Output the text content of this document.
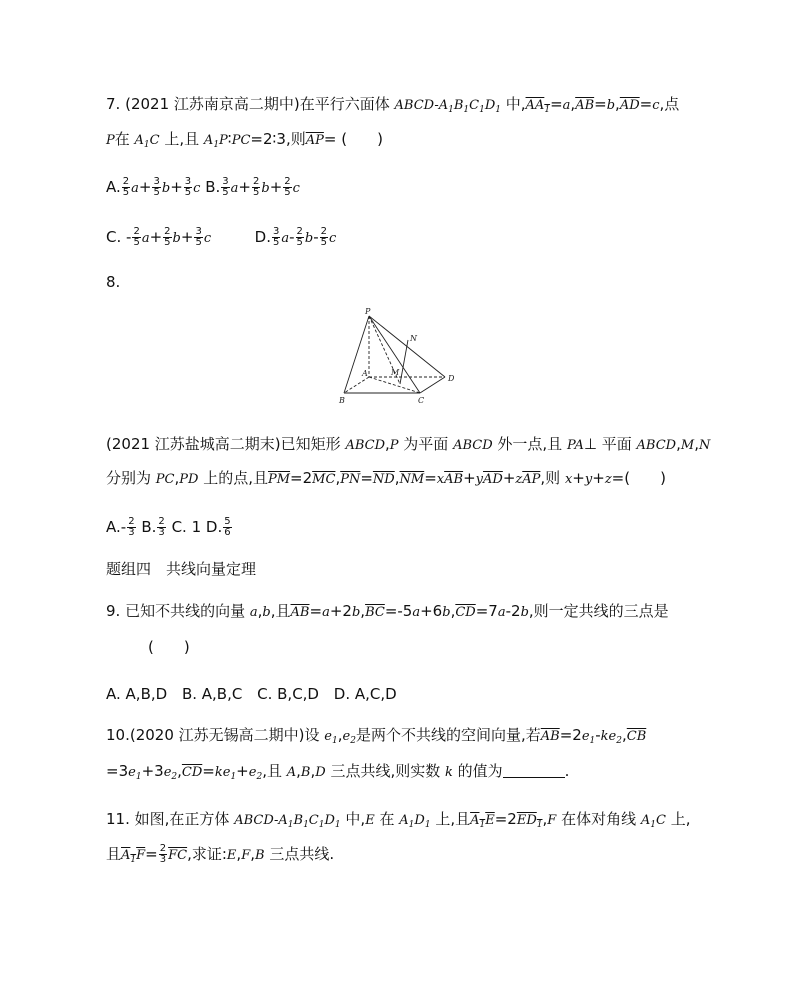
7. (2021 江苏南京高二期中)在平行六面体 ABCD-$A_1B_1C_1D_1$ 中$,AA_1=a,\overline{AB}=b,\overline{AD}=c$,点
P在 $A_1C$ 上,且 $A_1P∶PC=2∶3$,则$\overline{AP}=$ (　　)
A. $\frac{2}{5} a+ \frac{3}{5} b+ \frac{3}{5}$ c B. $\frac{3}{5} a+ \frac{2}{5} b+ \frac{2}{5}$ c
C. - $\frac{2}{5} a+ \frac{2}{5} b+ \frac{3}{5}$ c	D. $\frac{3}{5} a- \frac{2}{5} b- \frac{2}{5}$ c
8.
P
N
A	M
D
B	C
(2021 江苏盐城高二期末)已知矩形 ABCD,P 为平面 ABCD 外一点,且 PA⊥ 平面 ABCD,M,N
分别为 PC,PD 上的点,且$\overline{PM}=2\overline{MC},\overline{PN}=\overline{ND},\overline{NM}=x\overline{AB}+y\overline{AD}+z\overline{AP}$,则 x+y+z=(　　)
$A.- \frac{2}{3} B$. $\frac{2}{3} C$. 1 D. $\frac{5}{6}$
题组四　共线向量定理
9. 已知不共线的向量 a,b,且$\overline{AB}=a+2b,\overline{BC}=-5a+6b,\overline{CD}=7a-2b$,则一定共线的三点是
(　　)
A. A,B,D B. A,B,C C. B,C,D D. A,C,D
10.(2020 江苏无锡高二期中)设 $e_1,e_2$是两个不共线的空间向量,若$\overline{AB}=2e_1-ke_2,\overline{CB}$
$=3e_1+3e_2,\overline{CD}=ke_1+e_2$,且 A,B,D 三点共线,则实数 k 的值为	.
11. 如图,在正方体 ABCD-$A_1B_1C_1D_1$ 中,E 在 $A_1D_1$ 上,且$A_1E=2ED_1,F$ 在体对角线 $A_1C$ 上,
且$A_1F= \frac{2}{3} \overline{FC}$,求证:E,F,B 三点共线.
